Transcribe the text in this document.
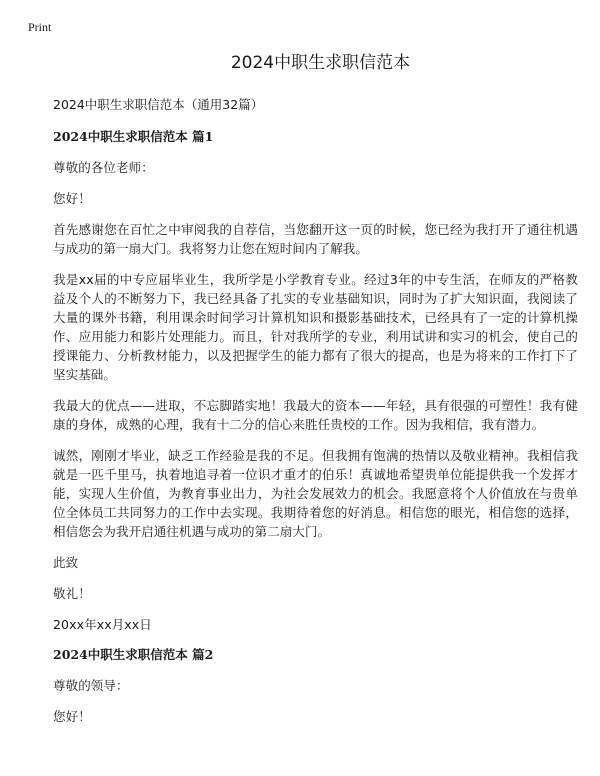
Print
2024中职生求职信范本
2024中职生求职信范本（通用32篇）
2024中职生求职信范本 篇1

尊敬的各位老师：

您好！

首先感谢您在百忙之中审阅我的自荐信，当您翻开这一页的时候，您已经为我打开了通往机遇与成功的第一扇大门。我将努力让您在短时间内了解我。

我是xx届的中专应届毕业生，我所学是小学教育专业。经过3年的中专生活，在师友的严格教益及个人的不断努力下，我已经具备了扎实的专业基础知识，同时为了扩大知识面，我阅读了大量的课外书籍，利用课余时间学习计算机知识和摄影基础技术，已经具有了一定的计算机操作、应用能力和影片处理能力。而且，针对我所学的专业，利用试讲和实习的机会，使自己的授课能力、分析教材能力，以及把握学生的能力都有了很大的提高，也是为将来的工作打下了坚实基础。

我最大的优点——进取，不忘脚踏实地！我最大的资本——年轻，具有很强的可塑性！我有健康的身体，成熟的心理，我有十二分的信心来胜任贵校的工作。因为我相信，我有潜力。

诚然，刚刚才毕业，缺乏工作经验是我的不足。但我拥有饱满的热情以及敬业精神。我相信我就是一匹千里马，执着地追寻着一位识才重才的伯乐！真诚地希望贵单位能提供我一个发挥才能，实现人生价值，为教育事业出力，为社会发展效力的机会。我愿意将个人价值放在与贵单位全体员工共同努力的工作中去实现。我期待着您的好消息。相信您的眼光，相信您的选择，相信您会为我开启通往机遇与成功的第二扇大门。

此致

敬礼！

20xx年xx月xx日

2024中职生求职信范本 篇2

尊敬的领导：

您好！
